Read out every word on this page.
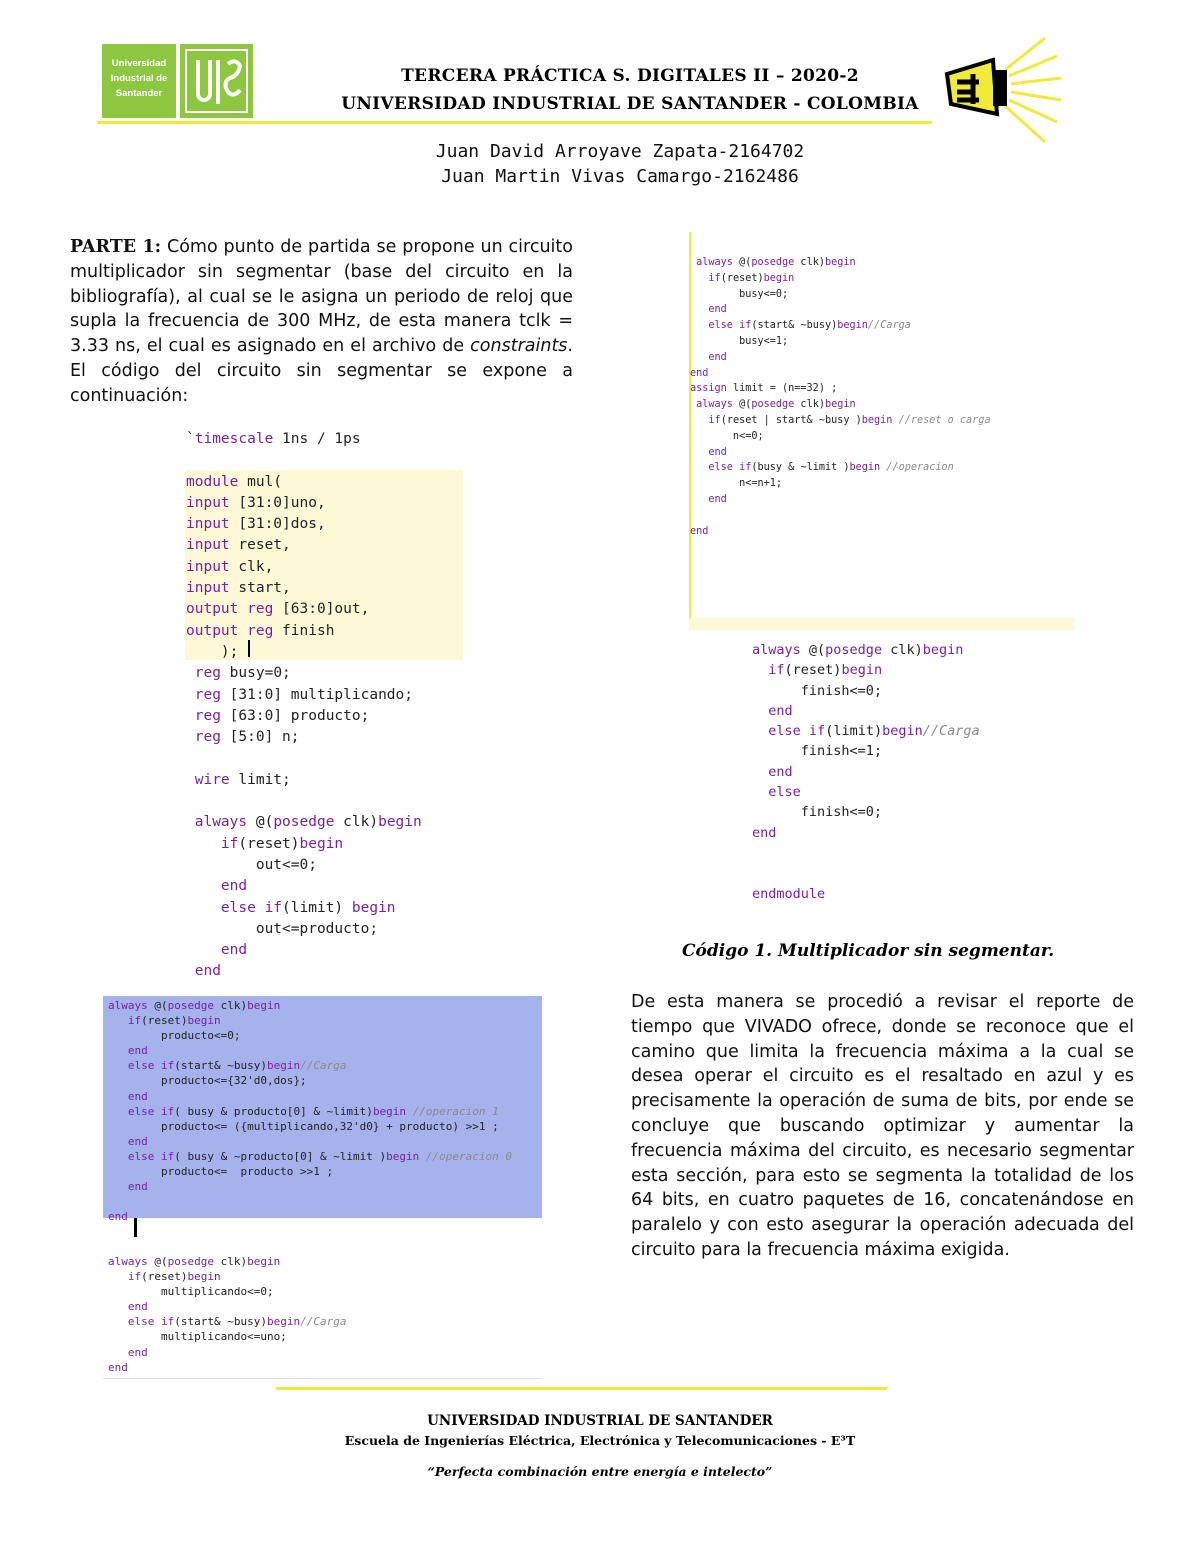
Universidad
Industrial de
Santander
TERCERA PRÁCTICA S. DIGITALES II – 2020-2
UNIVERSIDAD INDUSTRIAL DE SANTANDER - COLOMBIA
Juan David Arroyave Zapata-2164702
Juan Martin Vivas Camargo-2162486
PARTE 1: Cómo punto de partida se propone un circuito multiplicador sin segmentar (base del circuito en la bibliografía), al cual se le asigna un periodo de reloj que supla la frecuencia de 300 MHz, de esta manera tclk = 3.33 ns, el cual es asignado en el archivo de constraints. El código del circuito sin segmentar se expone a continuación:
`timescale 1ns / 1ps

module mul(
input [31:0]uno,
input [31:0]dos,
input reset,
input clk,
input start,
output reg [63:0]out,
output reg finish
);
reg busy=0;
reg [31:0] multiplicando;
reg [63:0] producto;
reg [5:0] n;

wire limit;

always @(posedge clk)begin
if(reset)begin
out<=0;
end
else if(limit) begin
out<=producto;
end
end
always @(posedge clk)begin
if(reset)begin
producto<=0;
end
else if(start& ~busy)begin//Carga
producto<={32'd0,dos};
end
else if( busy & producto[0] & ~limit)begin //operacion 1
producto<= ({multiplicando,32'd0} + producto) >>1 ;
end
else if( busy & ~producto[0] & ~limit )begin //operacion 0
producto<=  producto >>1 ;
end

end
always @(posedge clk)begin
if(reset)begin
multiplicando<=0;
end
else if(start& ~busy)begin//Carga
multiplicando<=uno;
end
end
always @(posedge clk)begin
if(reset)begin
busy<=0;
end
else if(start& ~busy)begin//Carga
busy<=1;
end
end
assign limit = (n==32) ;
always @(posedge clk)begin
if(reset | start& ~busy )begin //reset o carga
n<=0;
end
else if(busy & ~limit )begin //operacion
n<=n+1;
end

end
always @(posedge clk)begin
if(reset)begin
finish<=0;
end
else if(limit)begin//Carga
finish<=1;
end
else
finish<=0;
end

endmodule
Código 1. Multiplicador sin segmentar.
De esta manera se procedió a revisar el reporte de tiempo que VIVADO ofrece, donde se reconoce que el camino que limita la frecuencia máxima a la cual se desea operar el circuito es el resaltado en azul y es precisamente la operación de suma de bits, por ende se concluye que buscando optimizar y aumentar la frecuencia máxima del circuito, es necesario segmentar esta sección, para esto se segmenta la totalidad de los 64 bits, en cuatro paquetes de 16, concatenándose en paralelo y con esto asegurar la operación adecuada del circuito para la frecuencia máxima exigida.
UNIVERSIDAD INDUSTRIAL DE SANTANDER
Escuela de Ingenierías Eléctrica, Electrónica y Telecomunicaciones - E³T
“Perfecta combinación entre energía e intelecto”
